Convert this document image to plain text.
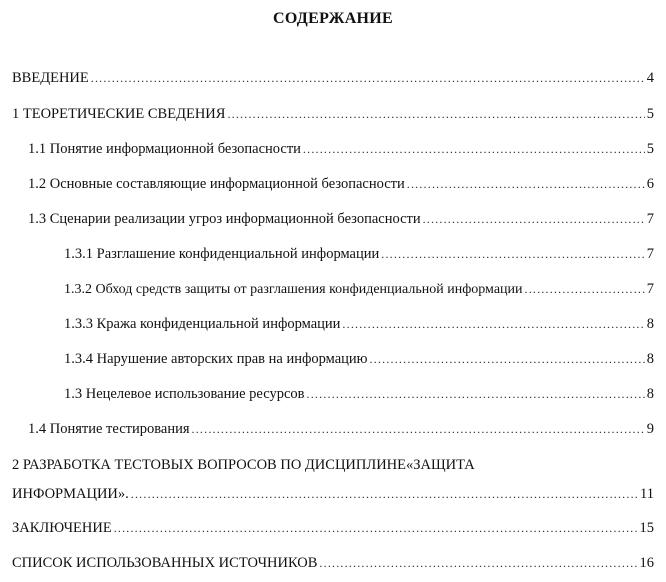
СОДЕРЖАНИЕ
ВВЕДЕНИЕ .....	4
1 ТЕОРЕТИЧЕСКИЕ СВЕДЕНИЯ .....	5
1.1 Понятие информационной безопасности .....	5
1.2 Основные составляющие информационной безопасности .....	6
1.3 Сценарии реализации угроз информационной безопасности .....	7
1.3.1 Разглашение конфиденциальной информации .....	7
1.3.2 Обход средств защиты от разглашения конфиденциальной информации .....	7
1.3.3 Кража конфиденциальной информации .....	8
1.3.4 Нарушение авторских прав на информацию .....	8
1.3 Нецелевое использование ресурсов .....	8
1.4 Понятие тестирования .....	9
2 РАЗРАБОТКА ТЕСТОВЫХ ВОПРОСОВ ПО ДИСЦИПЛИНЕ«ЗАЩИТА
ИНФОРМАЦИИ». .....	11
ЗАКЛЮЧЕНИЕ .....	15
СПИСОК ИСПОЛЬЗОВАННЫХ ИСТОЧНИКОВ .....	16
